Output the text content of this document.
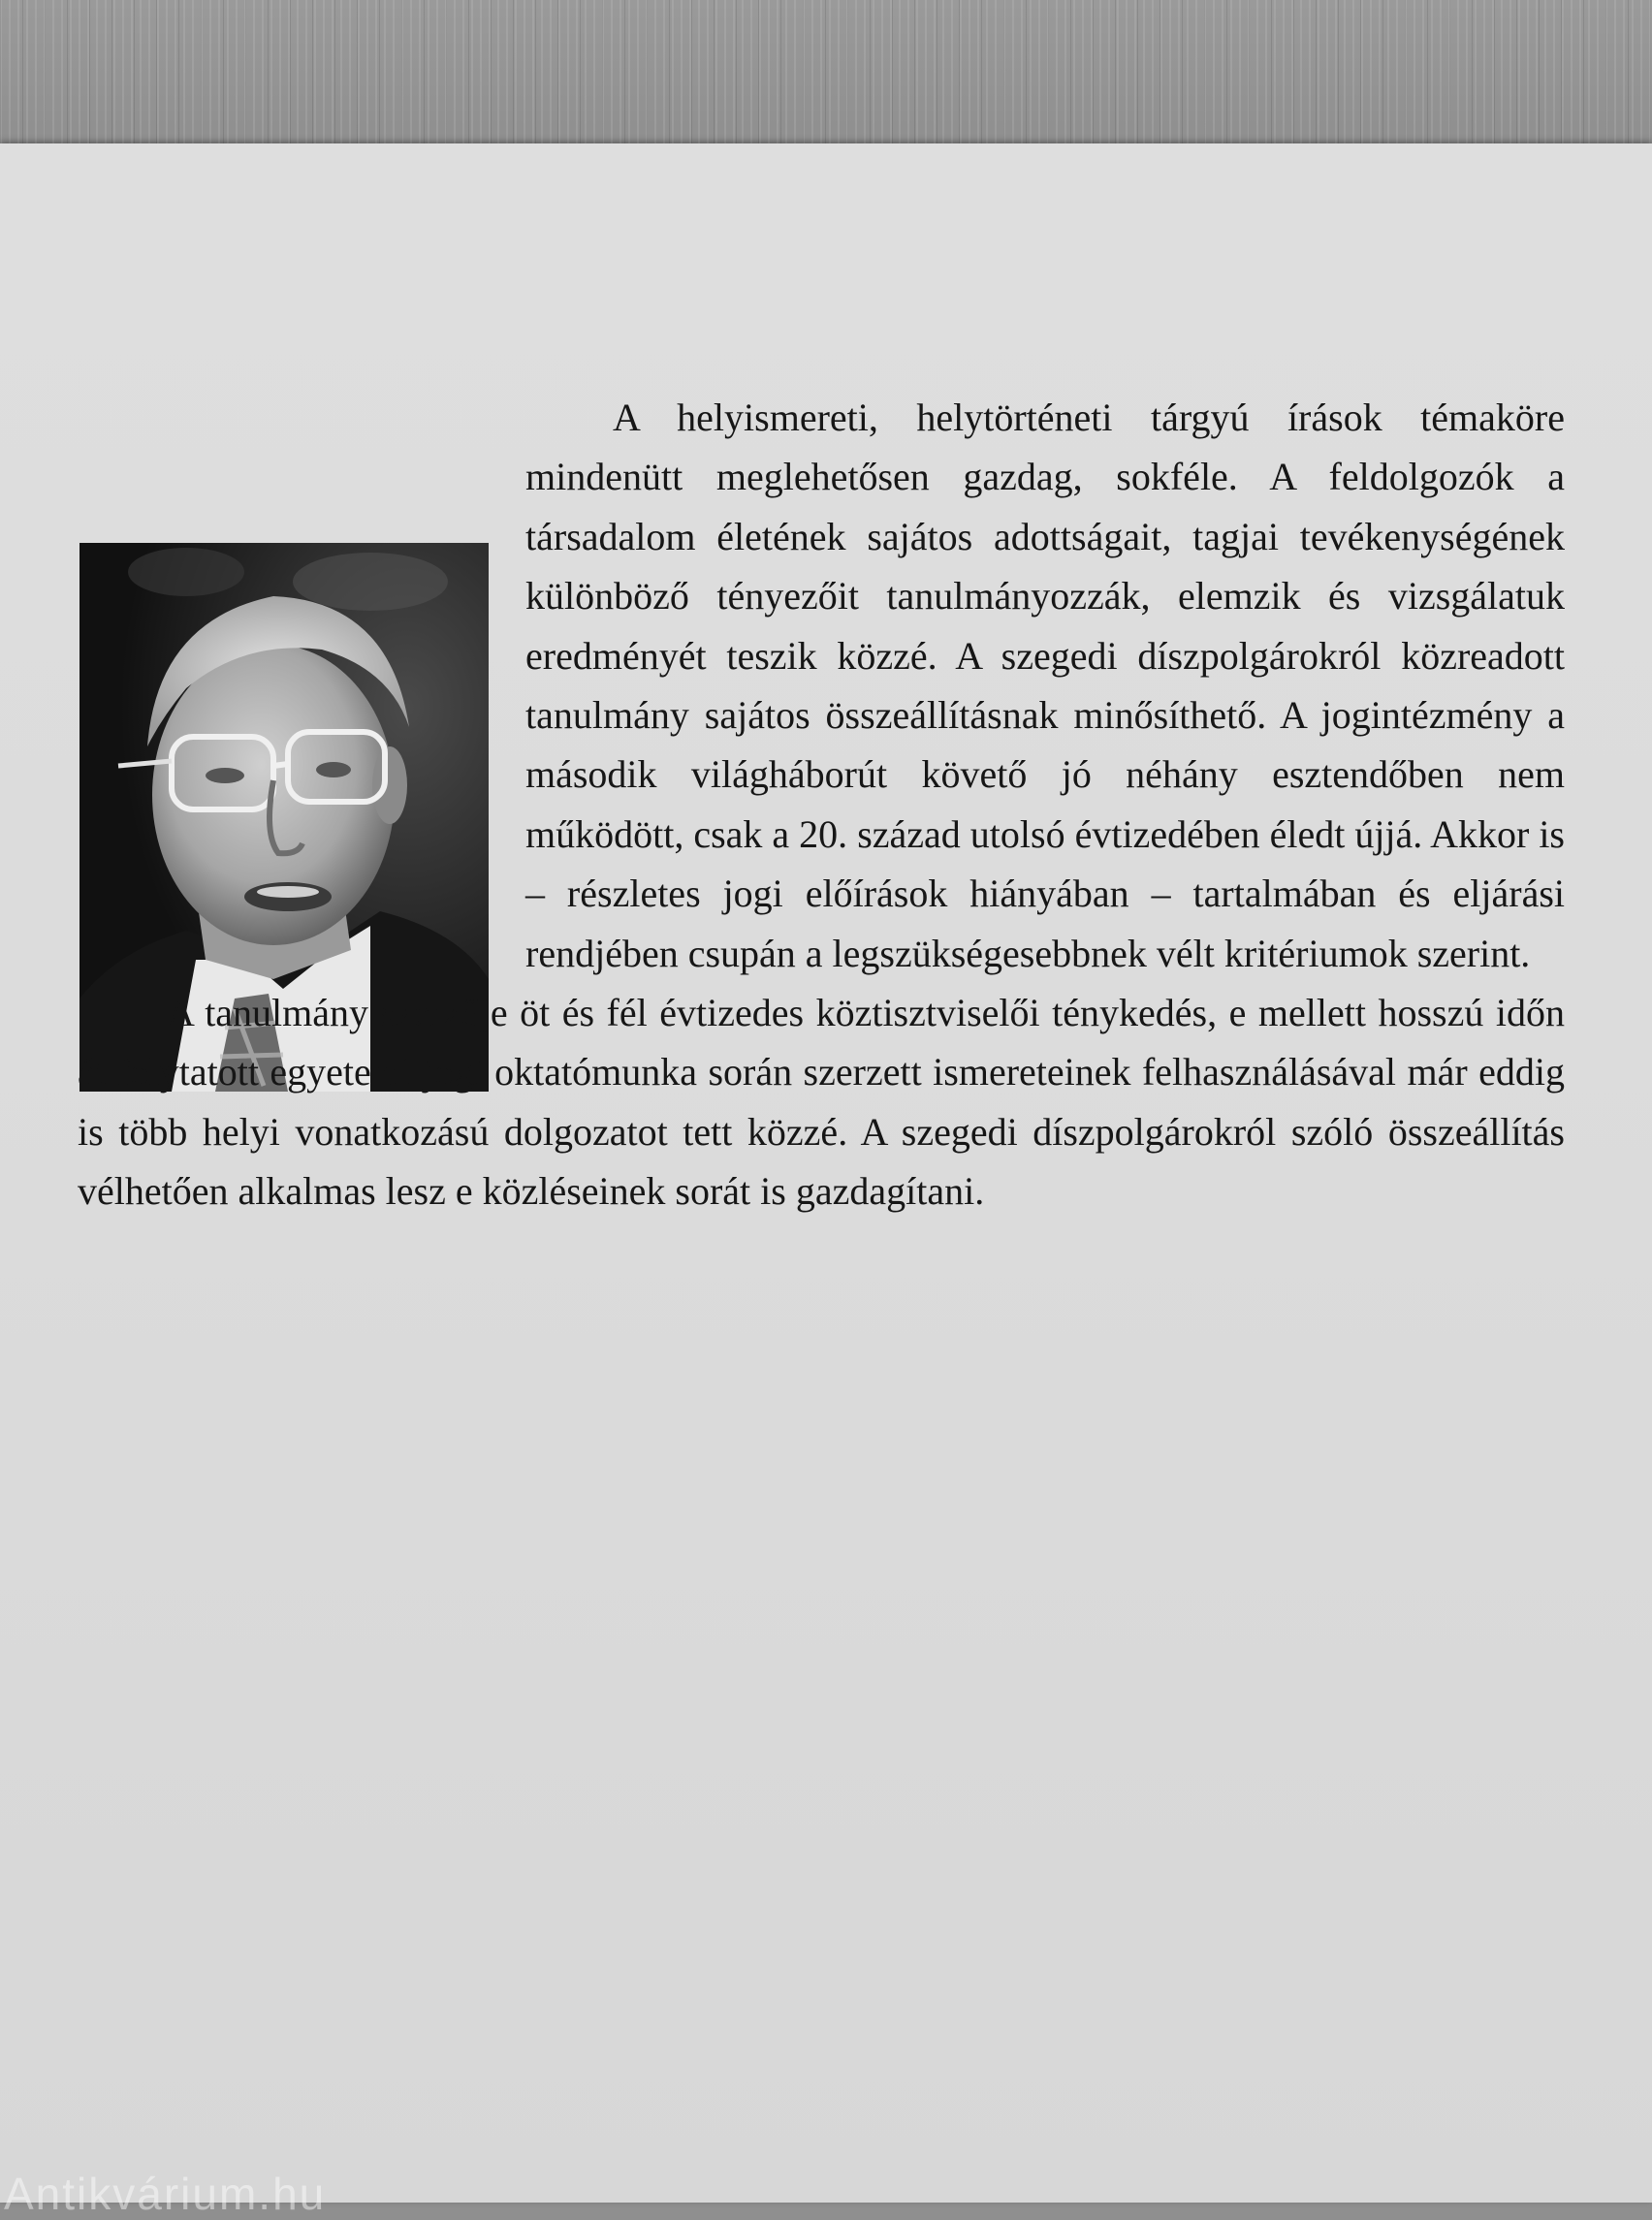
A helyismereti, helytörténeti tárgyú írások témaköre mindenütt meglehetősen gazdag, sokféle. A feldolgozók a társadalom életének sajátos adottságait, tagjai tevékenységének különböző tényezőit tanulmányozzák, elemzik és vizsgálatuk eredményét teszik közzé. A szegedi díszpolgárokról közreadott tanulmány sajátos összeállításnak minősíthető. A jogintézmény a második világháborút követő jó néhány esztendőben nem működött, csak a 20. század utolsó évtizedében éledt újjá. Akkor is – részletes jogi előírások hiányában – tartalmában és eljárási rendjében csupán a legszükségesebbnek vélt kritériumok szerint.

A tanulmány szerzője öt és fél évtizedes köztisztviselői ténykedés, e mellett hosszú időn át folytatott egyetemi jogi oktatómunka során szerzett ismereteinek felhasználásával már eddig is több helyi vonatkozású dolgozatot tett közzé. A szegedi díszpolgárokról szóló összeállítás vélhetően alkalmas lesz e közléseinek sorát is gazdagítani.

Antikvárium.hu
